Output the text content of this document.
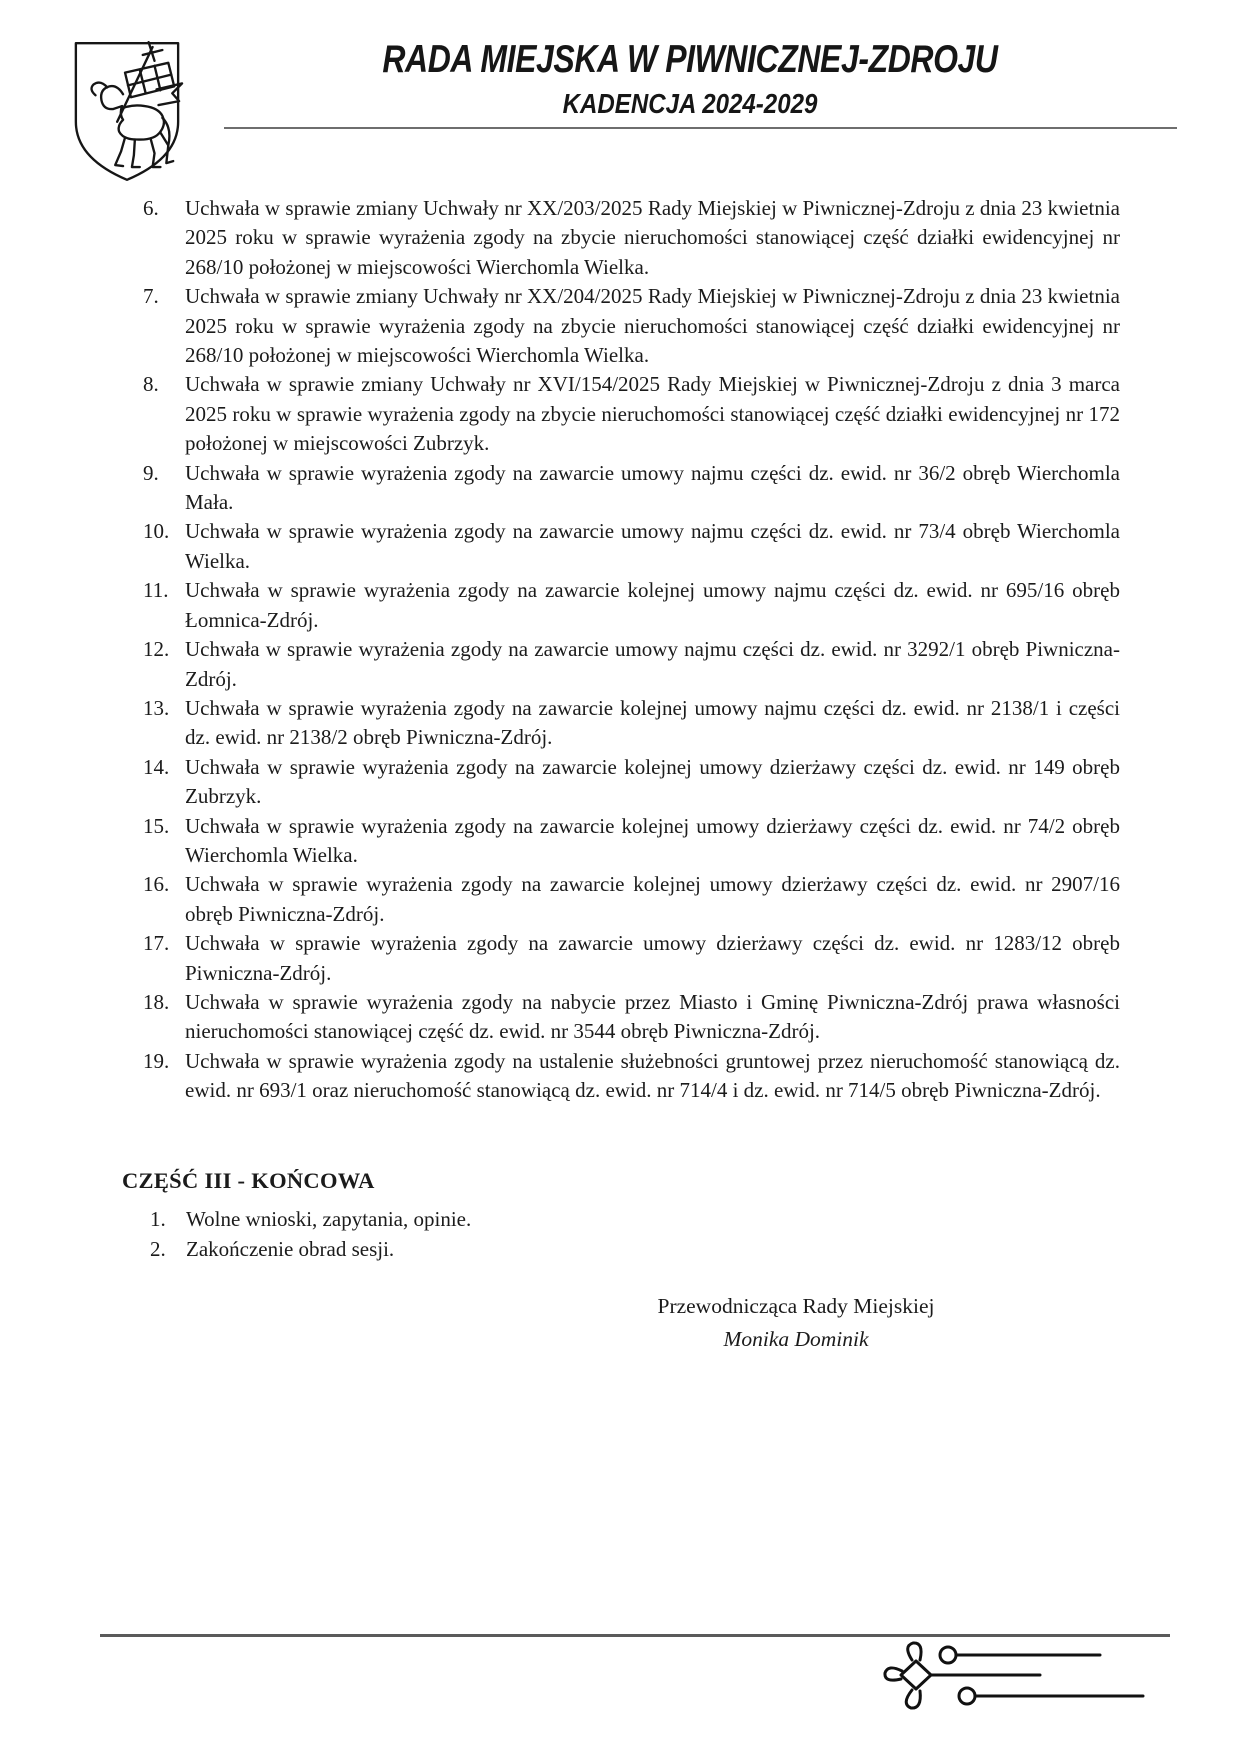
RADA MIEJSKA W PIWNICZNEJ-ZDROJU
KADENCJA 2024-2029
6.	Uchwała w sprawie zmiany Uchwały nr XX/203/2025 Rady Miejskiej w Piwnicznej-Zdroju z dnia 23 kwietnia 2025 roku w sprawie wyrażenia zgody na zbycie nieruchomości stanowiącej część działki ewidencyjnej nr 268/10 położonej w miejscowości Wierchomla Wielka.
7.	Uchwała w sprawie zmiany Uchwały nr XX/204/2025 Rady Miejskiej w Piwnicznej-Zdroju z dnia 23 kwietnia 2025 roku w sprawie wyrażenia zgody na zbycie nieruchomości stanowiącej część działki ewidencyjnej nr 268/10 położonej w miejscowości Wierchomla Wielka.
8.	Uchwała w sprawie zmiany Uchwały nr XVI/154/2025 Rady Miejskiej w Piwnicznej-Zdroju z dnia 3 marca 2025 roku w sprawie wyrażenia zgody na zbycie nieruchomości stanowiącej część działki ewidencyjnej nr 172 położonej w miejscowości Zubrzyk.
9.	Uchwała w sprawie wyrażenia zgody na zawarcie umowy najmu części dz. ewid. nr 36/2 obręb Wierchomla Mała.
10. Uchwała w sprawie wyrażenia zgody na zawarcie umowy najmu części dz. ewid. nr 73/4 obręb Wierchomla Wielka.
11. Uchwała w sprawie wyrażenia zgody na zawarcie kolejnej umowy najmu części dz. ewid. nr 695/16 obręb Łomnica-Zdrój.
12. Uchwała w sprawie wyrażenia zgody na zawarcie umowy najmu części dz. ewid. nr 3292/1 obręb Piwniczna-Zdrój.
13. Uchwała w sprawie wyrażenia zgody na zawarcie kolejnej umowy najmu części dz. ewid. nr 2138/1 i części dz. ewid. nr 2138/2 obręb Piwniczna-Zdrój.
14. Uchwała w sprawie wyrażenia zgody na zawarcie kolejnej umowy dzierżawy części dz. ewid. nr 149 obręb Zubrzyk.
15. Uchwała w sprawie wyrażenia zgody na zawarcie kolejnej umowy dzierżawy części dz. ewid. nr 74/2 obręb Wierchomla Wielka.
16. Uchwała w sprawie wyrażenia zgody na zawarcie kolejnej umowy dzierżawy części dz. ewid. nr 2907/16 obręb Piwniczna-Zdrój.
17. Uchwała w sprawie wyrażenia zgody na zawarcie umowy dzierżawy części dz. ewid. nr 1283/12 obręb Piwniczna-Zdrój.
18. Uchwała w sprawie wyrażenia zgody na nabycie przez Miasto i Gminę Piwniczna-Zdrój prawa własności nieruchomości stanowiącej część dz. ewid. nr 3544 obręb Piwniczna-Zdrój.
19. Uchwała w sprawie wyrażenia zgody na ustalenie służebności gruntowej przez nieruchomość stanowiącą dz. ewid. nr 693/1 oraz nieruchomość stanowiącą dz. ewid. nr 714/4 i dz. ewid. nr 714/5 obręb Piwniczna-Zdrój.
CZĘŚĆ III - KOŃCOWA
1. Wolne wnioski, zapytania, opinie.
2. Zakończenie obrad sesji.
Przewodnicząca Rady Miejskiej
Monika Dominik
